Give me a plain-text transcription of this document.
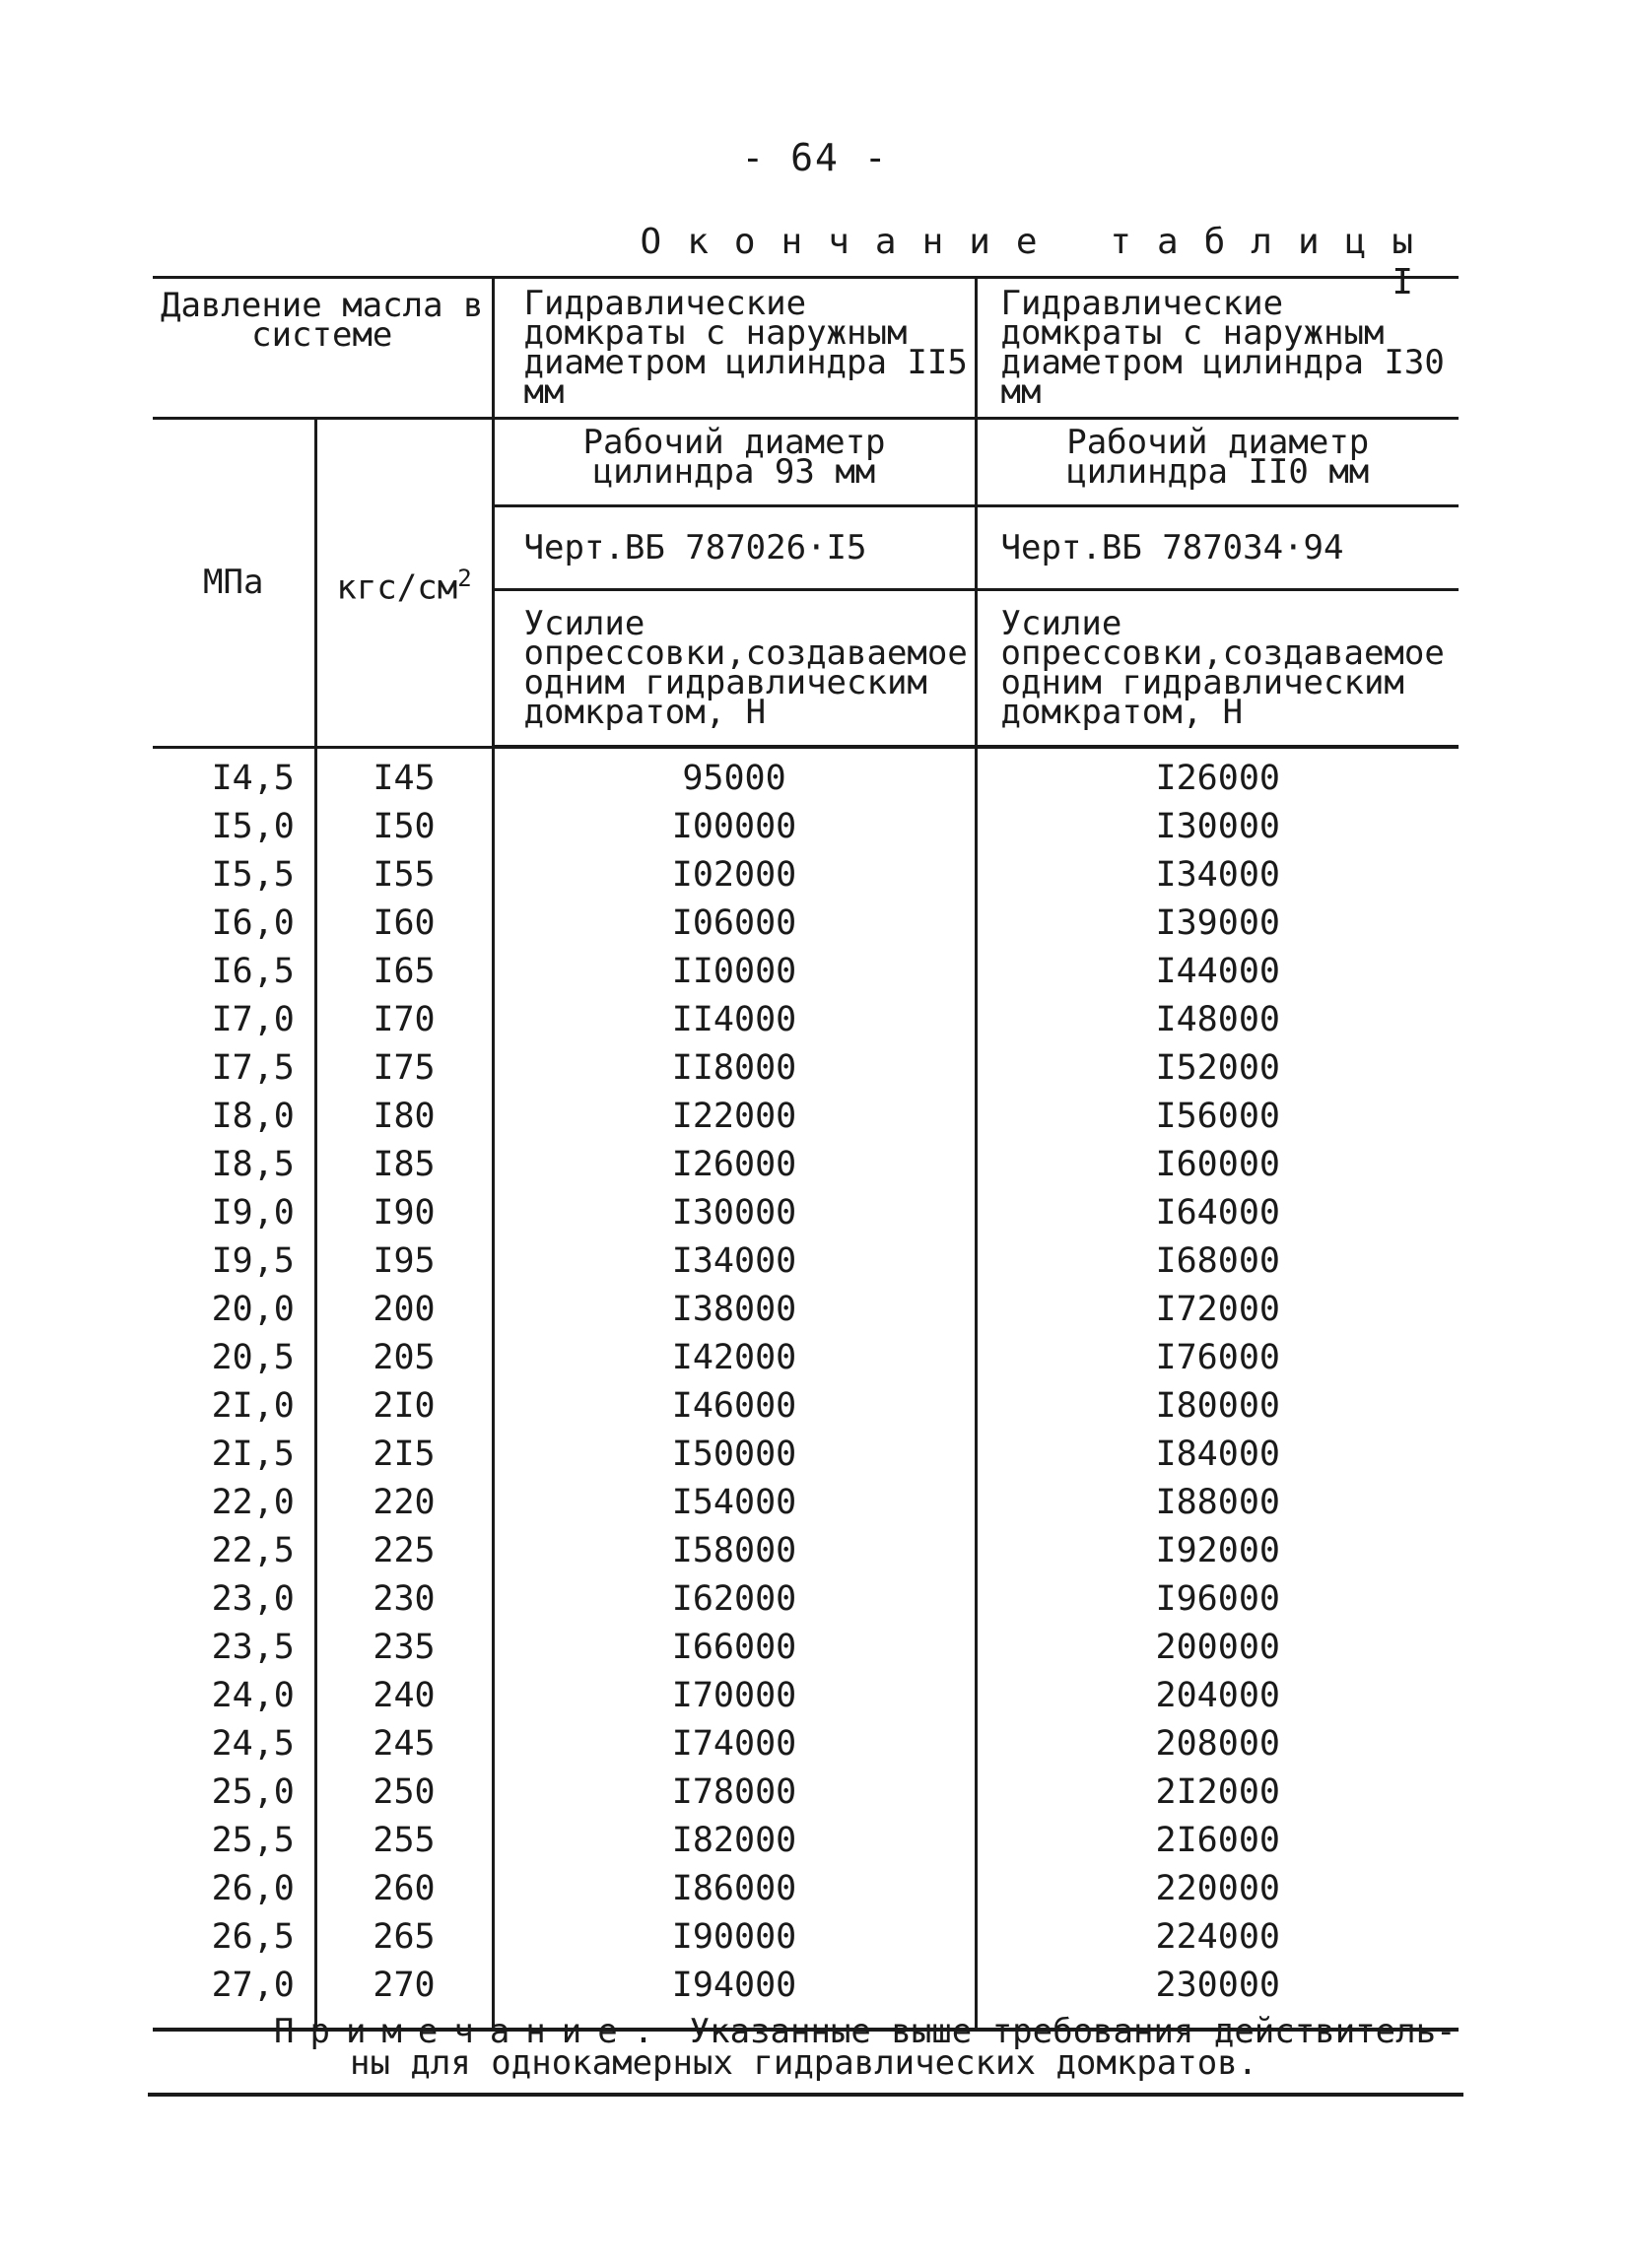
- 64 -
Окончание таблицы I
Давление масла в системе		Гидравлические домкраты с наружным диаметром цилиндра II5 мм	Гидравлические домкраты с наружным диаметром цилиндра I30 мм
МПа	кгс/$см^2$	Рабочий диаметр цилиндра 93 мм	Рабочий диаметр цилиндра II0 мм
		Черт.ВБ 787026·I5	Черт.ВБ 787034·94
		Усилие опрессовки,создаваемое одним гидравлическим домкратом, Н	Усилие опрессовки,создаваемое одним гидравлическим домкратом, Н
I4,5	I45	95000	I26000
I5,0	I50	I00000	I30000
I5,5	I55	I02000	I34000
I6,0	I60	I06000	I39000
I6,5	I65	II0000	I44000
I7,0	I70	II4000	I48000
I7,5	I75	II8000	I52000
I8,0	I80	I22000	I56000
I8,5	I85	I26000	I60000
I9,0	I90	I30000	I64000
I9,5	I95	I34000	I68000
20,0	200	I38000	I72000
20,5	205	I42000	I76000
2I,0	2I0	I46000	I80000
2I,5	2I5	I50000	I84000
22,0	220	I54000	I88000
22,5	225	I58000	I92000
23,0	230	I62000	I96000
23,5	235	I66000	200000
24,0	240	I70000	204000
24,5	245	I74000	208000
25,0	250	I78000	2I2000
25,5	255	I82000	2I6000
26,0	260	I86000	220000
26,5	265	I90000	224000
27,0	270	I94000	230000
Примечание. Указанные выше требования действитель-
ны для однокамерных гидравлических домкратов.
